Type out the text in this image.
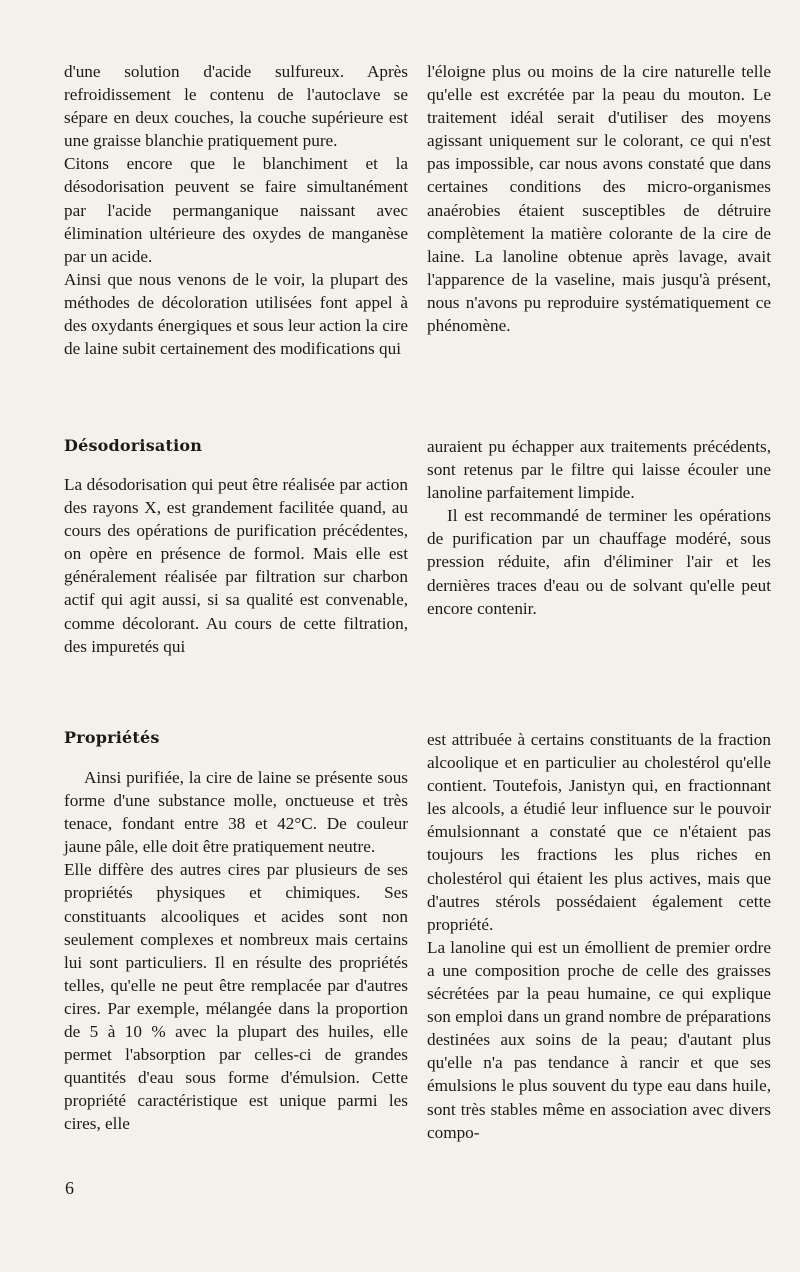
d'une solution d'acide sulfureux. Après refroidissement le contenu de l'autoclave se sépare en deux couches, la couche supérieure est une graisse blanchie pratiquement pure.

Citons encore que le blanchiment et la désodorisation peuvent se faire simultanément par l'acide permanganique naissant avec élimination ultérieure des oxydes de manganèse par un acide.

Ainsi que nous venons de le voir, la plupart des méthodes de décoloration utilisées font appel à des oxydants énergiques et sous leur action la cire de laine subit certainement des modifications qui

l'éloigne plus ou moins de la cire naturelle telle qu'elle est excrétée par la peau du mouton. Le traitement idéal serait d'utiliser des moyens agissant uniquement sur le colorant, ce qui n'est pas impossible, car nous avons constaté que dans certaines conditions des micro-organismes anaérobies étaient susceptibles de détruire complètement la matière colorante de la cire de laine. La lanoline obtenue après lavage, avait l'apparence de la vaseline, mais jusqu'à présent, nous n'avons pu reproduire systématiquement ce phénomène.

Désodorisation

La désodorisation qui peut être réalisée par action des rayons X, est grandement facilitée quand, au cours des opérations de purification précédentes, on opère en présence de formol. Mais elle est généralement réalisée par filtration sur charbon actif qui agit aussi, si sa qualité est convenable, comme décolorant. Au cours de cette filtration, des impuretés qui

auraient pu échapper aux traitements précédents, sont retenus par le filtre qui laisse écouler une lanoline parfaitement limpide.

Il est recommandé de terminer les opérations de purification par un chauffage modéré, sous pression réduite, afin d'éliminer l'air et les dernières traces d'eau ou de solvant qu'elle peut encore contenir.

Propriétés

Ainsi purifiée, la cire de laine se présente sous forme d'une substance molle, onctueuse et très tenace, fondant entre 38 et 42°C. De couleur jaune pâle, elle doit être pratiquement neutre.

Elle diffère des autres cires par plusieurs de ses propriétés physiques et chimiques. Ses constituants alcooliques et acides sont non seulement complexes et nombreux mais certains lui sont particuliers. Il en résulte des propriétés telles, qu'elle ne peut être remplacée par d'autres cires. Par exemple, mélangée dans la proportion de 5 à 10 % avec la plupart des huiles, elle permet l'absorption par celles-ci de grandes quantités d'eau sous forme d'émulsion. Cette propriété caractéristique est unique parmi les cires, elle

est attribuée à certains constituants de la fraction alcoolique et en particulier au cholestérol qu'elle contient. Toutefois, Janistyn qui, en fractionnant les alcools, a étudié leur influence sur le pouvoir émulsionnant a constaté que ce n'étaient pas toujours les fractions les plus riches en cholestérol qui étaient les plus actives, mais que d'autres stérols possédaient également cette propriété.

La lanoline qui est un émollient de premier ordre a une composition proche de celle des graisses sécrétées par la peau humaine, ce qui explique son emploi dans un grand nombre de préparations destinées aux soins de la peau; d'autant plus qu'elle n'a pas tendance à rancir et que ses émulsions le plus souvent du type eau dans huile, sont très stables même en association avec divers compo-

6
